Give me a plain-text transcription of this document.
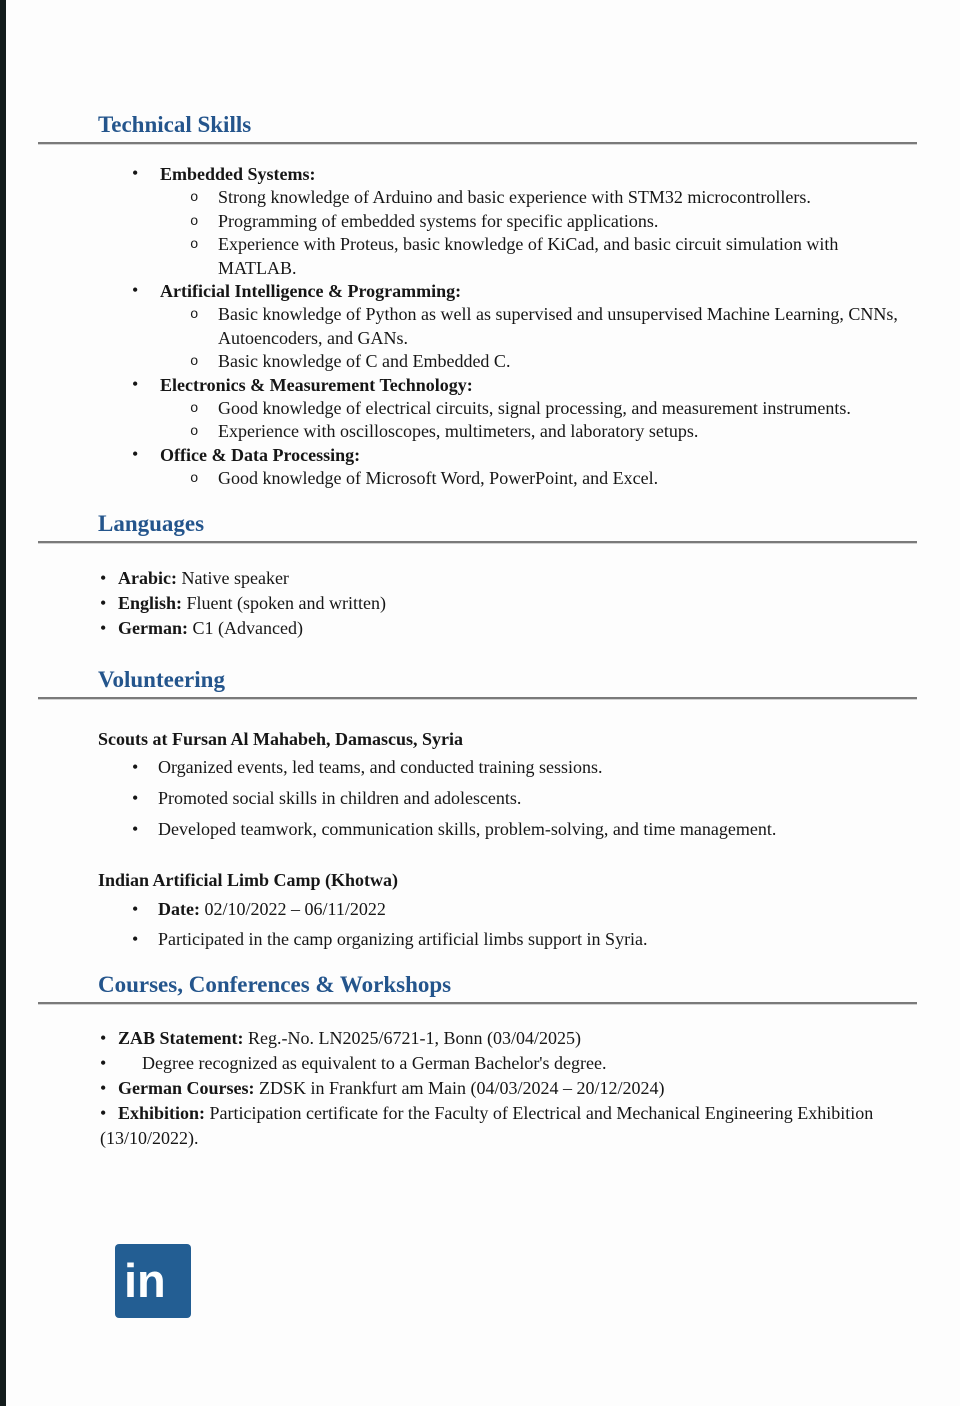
Technical Skills
• Embedded Systems:
o Strong knowledge of Arduino and basic experience with STM32 microcontrollers.
o Programming of embedded systems for specific applications.
o Experience with Proteus, basic knowledge of KiCad, and basic circuit simulation with MATLAB.
• Artificial Intelligence & Programming:
o Basic knowledge of Python as well as supervised and unsupervised Machine Learning, CNNs, Autoencoders, and GANs.
o Basic knowledge of C and Embedded C.
• Electronics & Measurement Technology:
o Good knowledge of electrical circuits, signal processing, and measurement instruments.
o Experience with oscilloscopes, multimeters, and laboratory setups.
• Office & Data Processing:
o Good knowledge of Microsoft Word, PowerPoint, and Excel.
Languages
• Arabic: Native speaker
• English: Fluent (spoken and written)
• German: C1 (Advanced)
Volunteering
Scouts at Fursan Al Mahabeh, Damascus, Syria
• Organized events, led teams, and conducted training sessions.
• Promoted social skills in children and adolescents.
• Developed teamwork, communication skills, problem-solving, and time management.
Indian Artificial Limb Camp (Khotwa)
• Date: 02/10/2022 – 06/11/2022
• Participated in the camp organizing artificial limbs support in Syria.
Courses, Conferences & Workshops
• ZAB Statement: Reg.-No. LN2025/6721-1, Bonn (03/04/2025)
• Degree recognized as equivalent to a German Bachelor's degree.
• German Courses: ZDSK in Frankfurt am Main (04/03/2024 – 20/12/2024)
• Exhibition: Participation certificate for the Faculty of Electrical and Mechanical Engineering Exhibition (13/10/2022).
in
